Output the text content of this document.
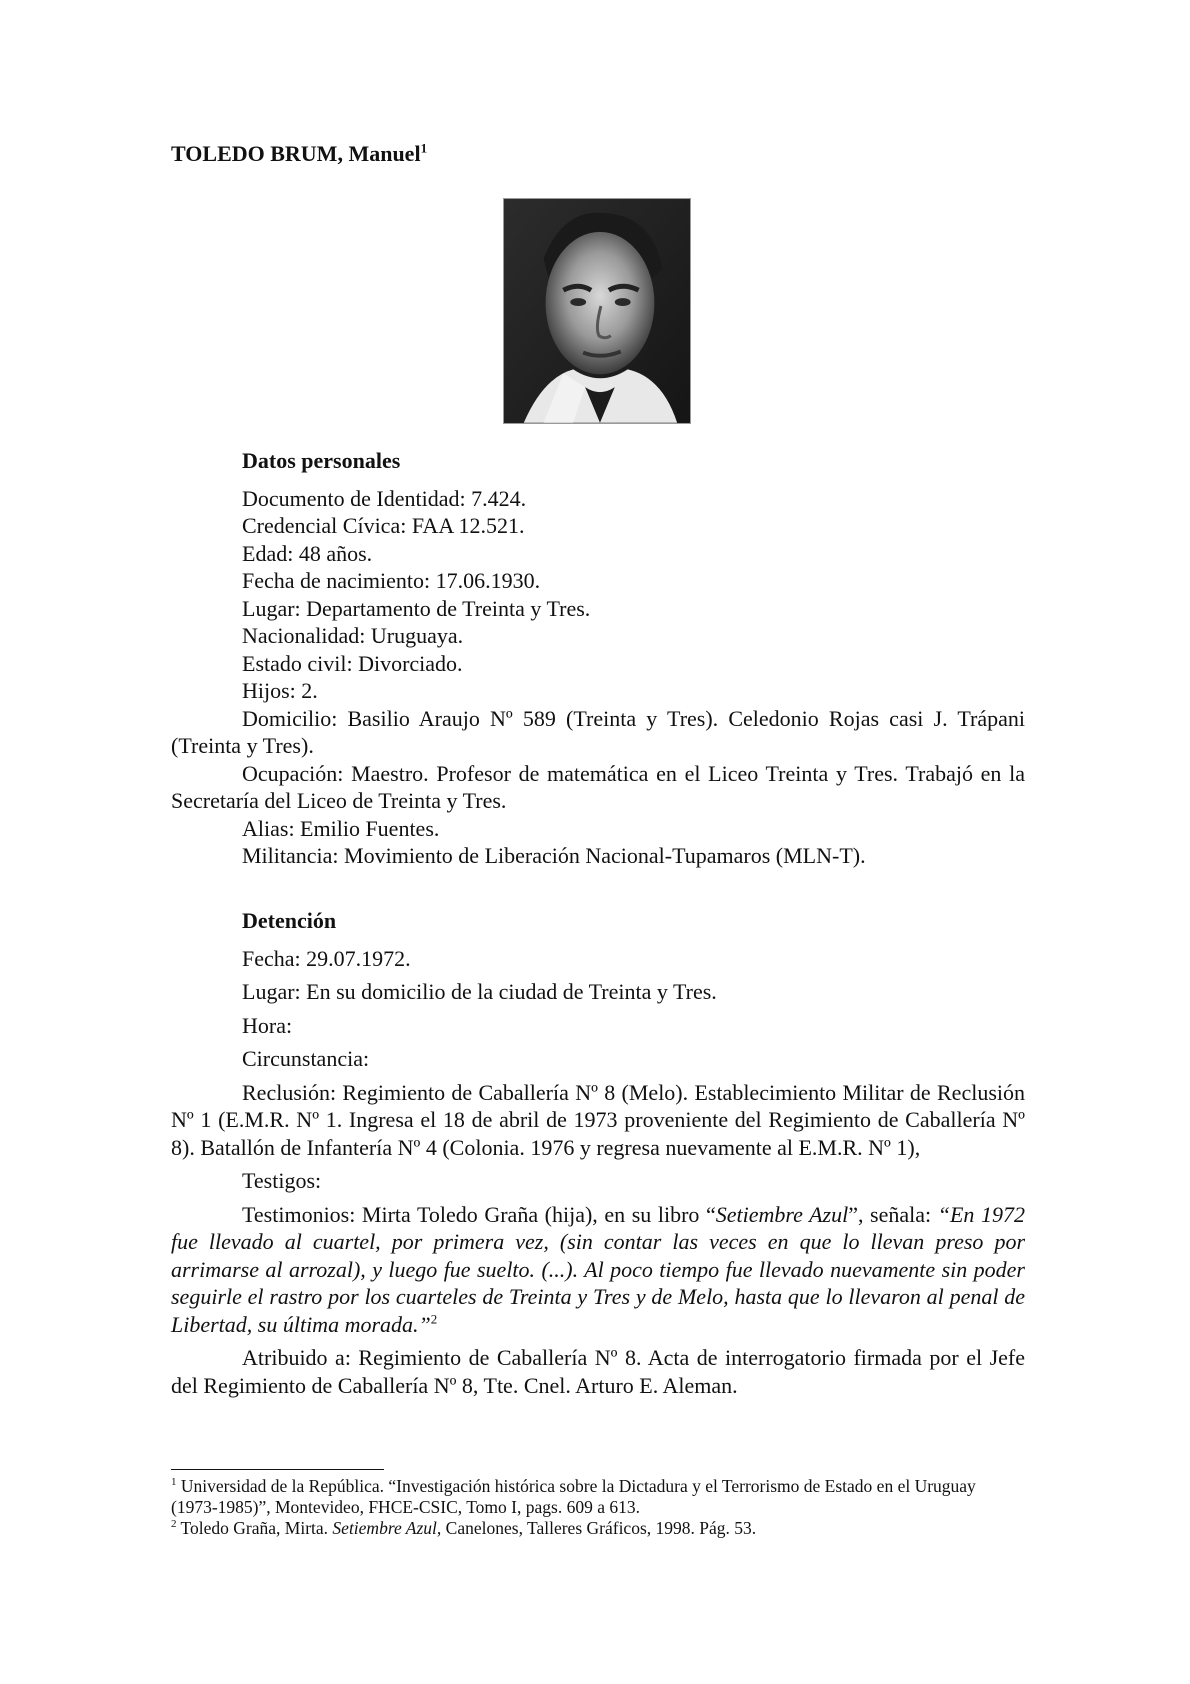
TOLEDO BRUM, Manuel$^1$

Datos personales

Documento de Identidad: 7.424.

Credencial Cívica: FAA 12.521.

Edad: 48 años.

Fecha de nacimiento: 17.06.1930.

Lugar: Departamento de Treinta y Tres.

Nacionalidad: Uruguaya.

Estado civil: Divorciado.

Hijos: 2.

Domicilio: Basilio Araujo Nº 589 (Treinta y Tres). Celedonio Rojas casi J. Trápani (Treinta y Tres).

Ocupación: Maestro. Profesor de matemática en el Liceo Treinta y Tres. Trabajó en la Secretaría del Liceo de Treinta y Tres.

Alias: Emilio Fuentes.

Militancia: Movimiento de Liberación Nacional-Tupamaros (MLN-T).

Detención

Fecha: 29.07.1972.

Lugar: En su domicilio de la ciudad de Treinta y Tres.

Hora:

Circunstancia:

Reclusión: Regimiento de Caballería Nº 8 (Melo). Establecimiento Militar de Reclusión Nº 1 (E.M.R. Nº 1. Ingresa el 18 de abril de 1973 proveniente del Regimiento de Caballería Nº 8). Batallón de Infantería Nº 4 (Colonia. 1976 y regresa nuevamente al E.M.R. Nº 1),

Testigos:

Testimonios: Mirta Toledo Graña (hija), en su libro “Setiembre Azul”, señala: “En 1972 fue llevado al cuartel, por primera vez, (sin contar las veces en que lo llevan preso por arrimarse al arrozal), y luego fue suelto. (...). Al poco tiempo fue llevado nuevamente sin poder seguirle el rastro por los cuarteles de Treinta y Tres y de Melo, hasta que lo llevaron al penal de Libertad, su última morada.”$^2$

Atribuido a: Regimiento de Caballería Nº 8. Acta de interrogatorio firmada por el Jefe del Regimiento de Caballería Nº 8, Tte. Cnel. Arturo E. Aleman.

$^1$ Universidad de la República. “Investigación histórica sobre la Dictadura y el Terrorismo de Estado en el Uruguay (1973-1985)”, Montevideo, FHCE-CSIC, Tomo I, pags. 609 a 613.
$^2$ Toledo Graña, Mirta. Setiembre Azul, Canelones, Talleres Gráficos, 1998. Pág. 53.
